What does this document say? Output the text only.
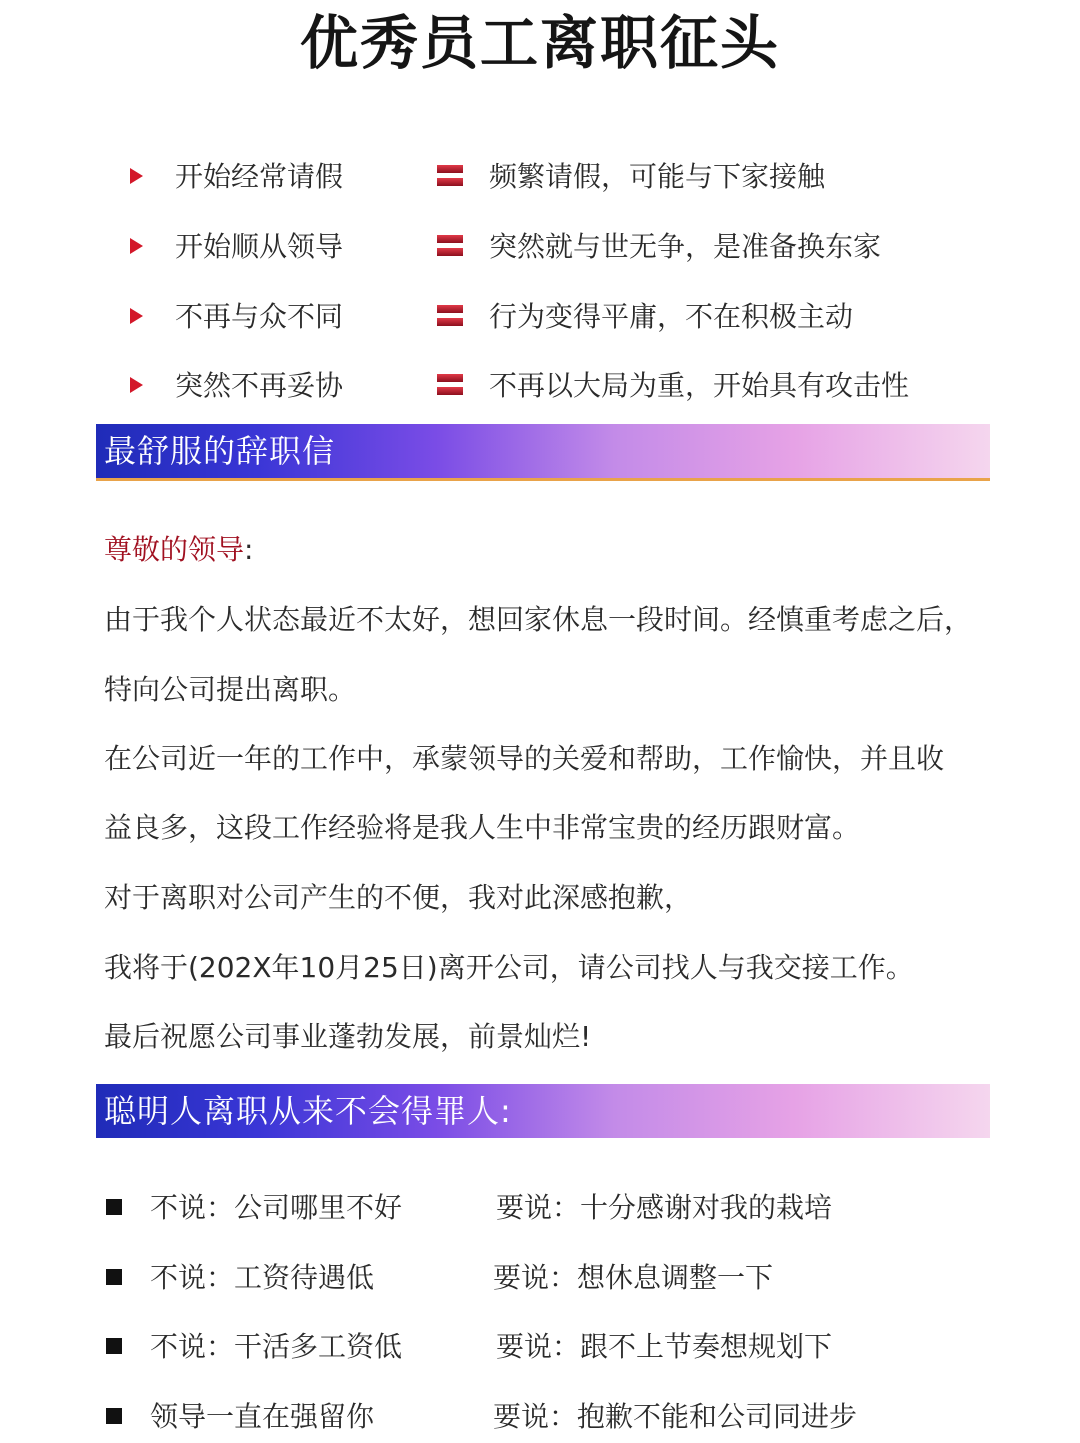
优秀员工离职征头
开始经常请假	频繁请假，可能与下家接触
开始顺从领导	突然就与世无争，是准备换东家
不再与众不同	行为变得平庸，不在积极主动
突然不再妥协	不再以大局为重，开始具有攻击性
最舒服的辞职信
尊敬的领导:
由于我个人状态最近不太好，想回家休息一段时间。经慎重考虑之后，
特向公司提出离职。
在公司近一年的工作中，承蒙领导的关爱和帮助，工作愉快，并且收
益良多，这段工作经验将是我人生中非常宝贵的经历跟财富。
对于离职对公司产生的不便，我对此深感抱歉，
我将于(202X年10月25日)离开公司，请公司找人与我交接工作。
最后祝愿公司事业蓬勃发展，前景灿烂!
聪明人离职从来不会得罪人:
不说：公司哪里不好	要说：十分感谢对我的栽培
不说：工资待遇低	要说：想休息调整一下
不说：干活多工资低	要说：跟不上节奏想规划下
领导一直在强留你	要说：抱歉不能和公司同进步
